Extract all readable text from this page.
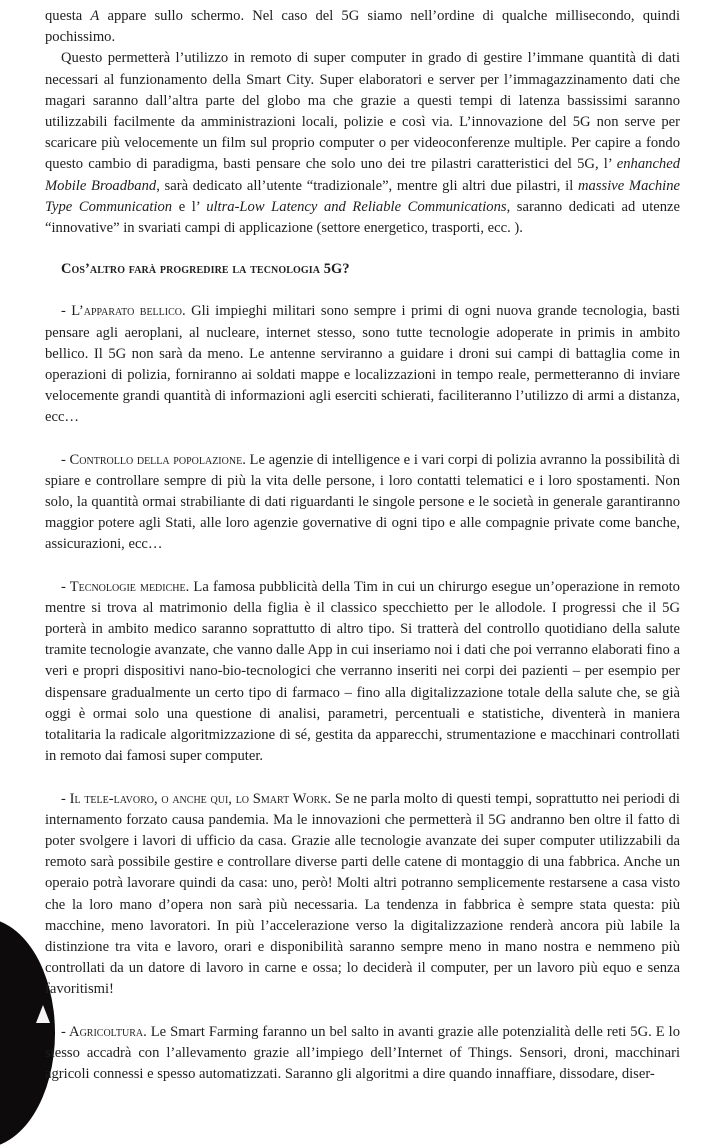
questa A appare sullo schermo. Nel caso del 5G siamo nell’ordine di qualche millisecondo, quindi pochissimo.

Questo permetterà l’utilizzo in remoto di super computer in grado di gestire l’immane quantità di dati necessari al funzionamento della Smart City. Super elaboratori e server per l’immagazzinamento dati che magari saranno dall’altra parte del globo ma che grazie a questi tempi di latenza bassissimi saranno utilizzabili facilmente da amministrazioni locali, polizie e così via. L’innovazione del 5G non serve per scaricare più velocemente un film sul proprio computer o per videoconferenze multiple. Per capire a fondo questo cambio di paradigma, basti pensare che solo uno dei tre pilastri caratteristici del 5G, l’ enhanched Mobile Broadband, sarà dedicato all’utente “tradizionale”, mentre gli altri due pilastri, il massive Machine Type Communication e l’ ultra-Low Latency and Reliable Communications, saranno dedicati ad utenze “innovative” in svariati campi di applicazione (settore energetico, trasporti, ecc. ).

Cos’altro farà progredire la tecnologia 5G?

- L’apparato bellico. Gli impieghi militari sono sempre i primi di ogni nuova grande tecnologia, basti pensare agli aeroplani, al nucleare, internet stesso, sono tutte tecnologie adoperate in primis in ambito bellico. Il 5G non sarà da meno. Le antenne serviranno a guidare i droni sui campi di battaglia come in operazioni di polizia, forniranno ai soldati mappe e localizzazioni in tempo reale, permetteranno di inviare velocemente grandi quantità di informazioni agli eserciti schierati, faciliteranno l’utilizzo di armi a distanza, ecc…

- Controllo della popolazione. Le agenzie di intelligence e i vari corpi di polizia avranno la possibilità di spiare e controllare sempre di più la vita delle persone, i loro contatti telematici e i loro spostamenti. Non solo, la quantità ormai strabiliante di dati riguardanti le singole persone e le società in generale garantiranno maggior potere agli Stati, alle loro agenzie governative di ogni tipo e alle compagnie private come banche, assicurazioni, ecc…

- Tecnologie mediche. La famosa pubblicità della Tim in cui un chirurgo esegue un’operazione in remoto mentre si trova al matrimonio della figlia è il classico specchietto per le allodole. I progressi che il 5G porterà in ambito medico saranno soprattutto di altro tipo. Si tratterà del controllo quotidiano della salute tramite tecnologie avanzate, che vanno dalle App in cui inseriamo noi i dati che poi verranno elaborati fino a veri e propri dispositivi nano-bio-tecnologici che verranno inseriti nei corpi dei pazienti – per esempio per dispensare gradualmente un certo tipo di farmaco – fino alla digitalizzazione totale della salute che, se già oggi è ormai solo una questione di analisi, parametri, percentuali e statistiche, diventerà in maniera totalitaria la radicale algoritmizzazione di sé, gestita da apparecchi, strumentazione e macchinari controllati in remoto dai famosi super computer.

- Il tele-lavoro, o anche qui, lo Smart Work. Se ne parla molto di questi tempi, soprattutto nei periodi di internamento forzato causa pandemia. Ma le innovazioni che permetterà il 5G andranno ben oltre il fatto di poter svolgere i lavori di ufficio da casa. Grazie alle tecnologie avanzate dei super computer utilizzabili da remoto sarà possibile gestire e controllare diverse parti delle catene di montaggio di una fabbrica. Anche un operaio potrà lavorare quindi da casa: uno, però! Molti altri potranno semplicemente restarsene a casa visto che la loro mano d’opera non sarà più necessaria. La tendenza in fabbrica è sempre stata questa: più macchine, meno lavoratori. In più l’accelerazione verso la digitalizzazione renderà ancora più labile la distinzione tra vita e lavoro, orari e disponibilità saranno sempre meno in mano nostra e nemmeno più controllati da un datore di lavoro in carne e ossa; lo deciderà il computer, per un lavoro più equo e senza favoritismi!

- Agricoltura. Le Smart Farming faranno un bel salto in avanti grazie alle potenzialità delle reti 5G. E lo stesso accadrà con l’allevamento grazie all’impiego dell’Internet of Things. Sensori, droni, macchinari agricoli connessi e spesso automatizzati. Saranno gli algoritmi a dire quando innaffiare, dissodare, diser-
